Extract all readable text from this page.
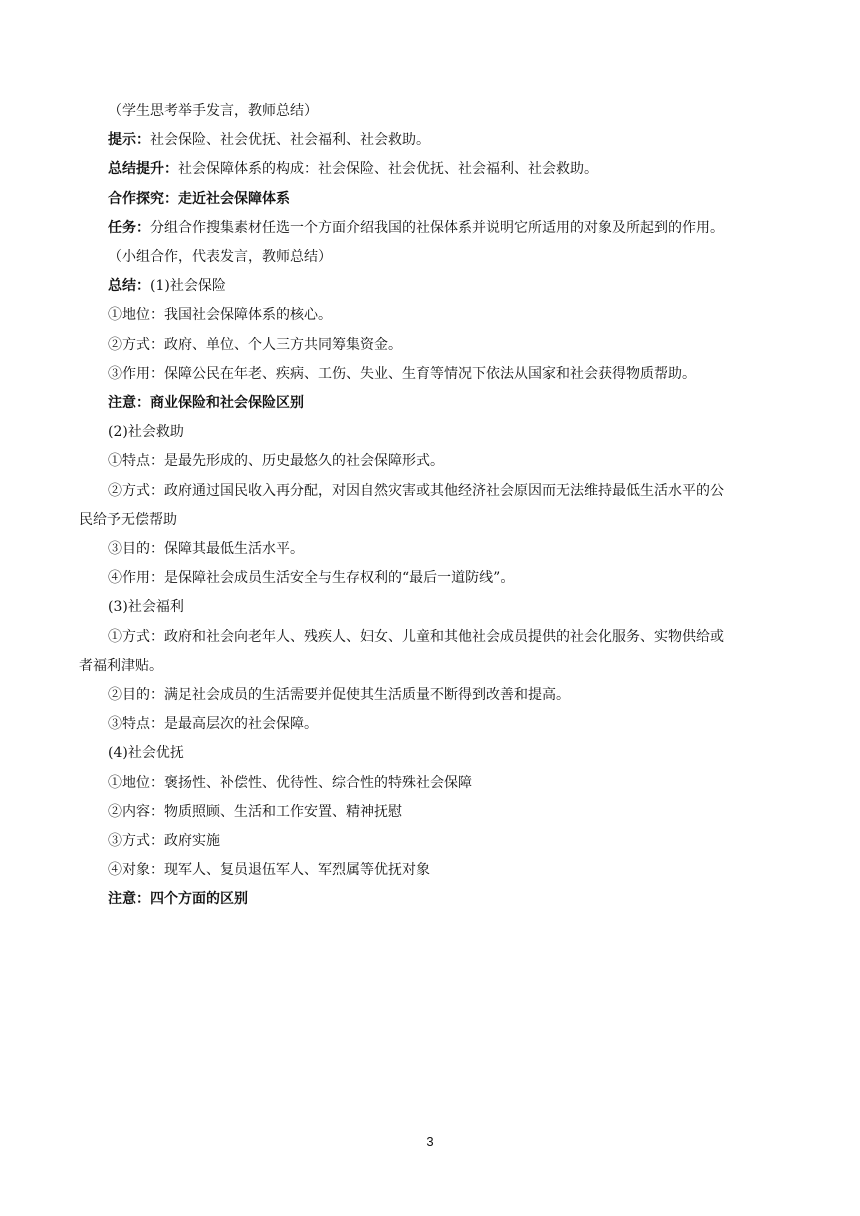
（学生思考举手发言，教师总结）
提示：社会保险、社会优抚、社会福利、社会救助。
总结提升：社会保障体系的构成：社会保险、社会优抚、社会福利、社会救助。
合作探究：走近社会保障体系
任务：分组合作搜集素材任选一个方面介绍我国的社保体系并说明它所适用的对象及所起到的作用。
（小组合作，代表发言，教师总结）
总结：(1)社会保险
①地位：我国社会保障体系的核心。
②方式：政府、单位、个人三方共同筹集资金。
③作用：保障公民在年老、疾病、工伤、失业、生育等情况下依法从国家和社会获得物质帮助。
注意：商业保险和社会保险区别
(2)社会救助
①特点：是最先形成的、历史最悠久的社会保障形式。
②方式：政府通过国民收入再分配，对因自然灾害或其他经济社会原因而无法维持最低生活水平的公
民给予无偿帮助
③目的：保障其最低生活水平。
④作用：是保障社会成员生活安全与生存权利的“最后一道防线”。
(3)社会福利
①方式：政府和社会向老年人、残疾人、妇女、儿童和其他社会成员提供的社会化服务、实物供给或
者福利津贴。
②目的：满足社会成员的生活需要并促使其生活质量不断得到改善和提高。
③特点：是最高层次的社会保障。
(4)社会优抚
①地位：褒扬性、补偿性、优待性、综合性的特殊社会保障
②内容：物质照顾、生活和工作安置、精神抚慰
③方式：政府实施
④对象：现军人、复员退伍军人、军烈属等优抚对象
注意：四个方面的区别
3
